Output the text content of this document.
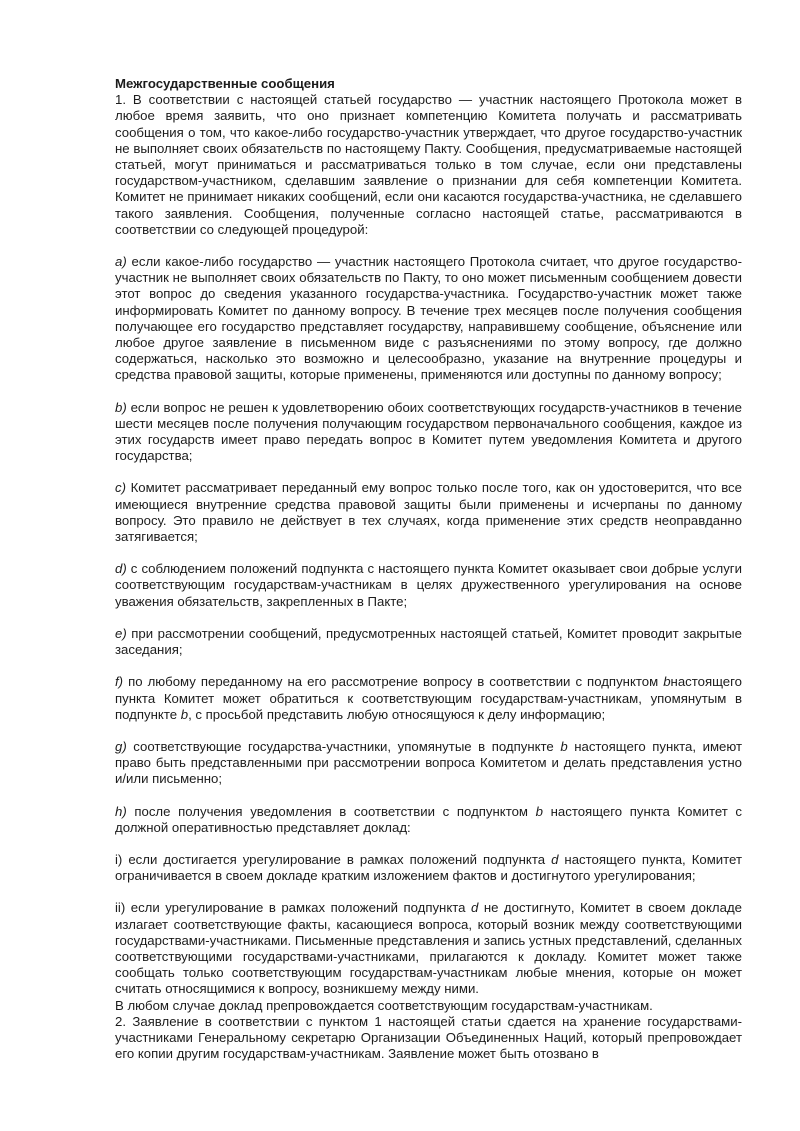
Межгосударственные сообщения

1. В соответствии с настоящей статьей государство — участник настоящего Протокола может в любое время заявить, что оно признает компетенцию Комитета получать и рассматривать сообщения о том, что какое-либо государство-участник утверждает, что другое государство-участник не выполняет своих обязательств по настоящему Пакту. Сообщения, предусматриваемые настоящей статьей, могут приниматься и рассматриваться только в том случае, если они представлены государством-участником, сделавшим заявление о признании для себя компетенции Комитета. Комитет не принимает никаких сообщений, если они касаются государства-участника, не сделавшего такого заявления. Сообщения, полученные согласно настоящей статье, рассматриваются в соответствии со следующей процедурой:

a) если какое-либо государство — участник настоящего Протокола считает, что другое государство-участник не выполняет своих обязательств по Пакту, то оно может письменным сообщением довести этот вопрос до сведения указанного государства-участника. Государство-участник может также информировать Комитет по данному вопросу. В течение трех месяцев после получения сообщения получающее его государство представляет государству, направившему сообщение, объяснение или любое другое заявление в письменном виде с разъяснениями по этому вопросу, где должно содержаться, насколько это возможно и целесообразно, указание на внутренние процедуры и средства правовой защиты, которые применены, применяются или доступны по данному вопросу;

b) если вопрос не решен к удовлетворению обоих соответствующих государств-участников в течение шести месяцев после получения получающим государством первоначального сообщения, каждое из этих государств имеет право передать вопрос в Комитет путем уведомления Комитета и другого государства;

c) Комитет рассматривает переданный ему вопрос только после того, как он удостоверится, что все имеющиеся внутренние средства правовой защиты были применены и исчерпаны по данному вопросу. Это правило не действует в тех случаях, когда применение этих средств неоправданно затягивается;

d) с соблюдением положений подпункта с настоящего пункта Комитет оказывает свои добрые услуги соответствующим государствам-участникам в целях дружественного урегулирования на основе уважения обязательств, закрепленных в Пакте;

e) при рассмотрении сообщений, предусмотренных настоящей статьей, Комитет проводит закрытые заседания;

f) по любому переданному на его рассмотрение вопросу в соответствии с подпунктом bнастоящего пункта Комитет может обратиться к соответствующим государствам-участникам, упомянутым в подпункте b, с просьбой представить любую относящуюся к делу информацию;

g) соответствующие государства-участники, упомянутые в подпункте b настоящего пункта, имеют право быть представленными при рассмотрении вопроса Комитетом и делать представления устно и/или письменно;

h) после получения уведомления в соответствии с подпунктом b настоящего пункта Комитет с должной оперативностью представляет доклад:

i) если достигается урегулирование в рамках положений подпункта d настоящего пункта, Комитет ограничивается в своем докладе кратким изложением фактов и достигнутого урегулирования;

ii) если урегулирование в рамках положений подпункта d не достигнуто, Комитет в своем докладе излагает соответствующие факты, касающиеся вопроса, который возник между соответствующими государствами-участниками. Письменные представления и запись устных представлений, сделанных соответствующими государствами-участниками, прилагаются к докладу. Комитет может также сообщать только соответствующим государствам-участникам любые мнения, которые он может считать относящимися к вопросу, возникшему между ними.

В любом случае доклад препровождается соответствующим государствам-участникам.

2. Заявление в соответствии с пунктом 1 настоящей статьи сдается на хранение государствами-участниками Генеральному секретарю Организации Объединенных Наций, который препровождает его копии другим государствам-участникам. Заявление может быть отозвано в
